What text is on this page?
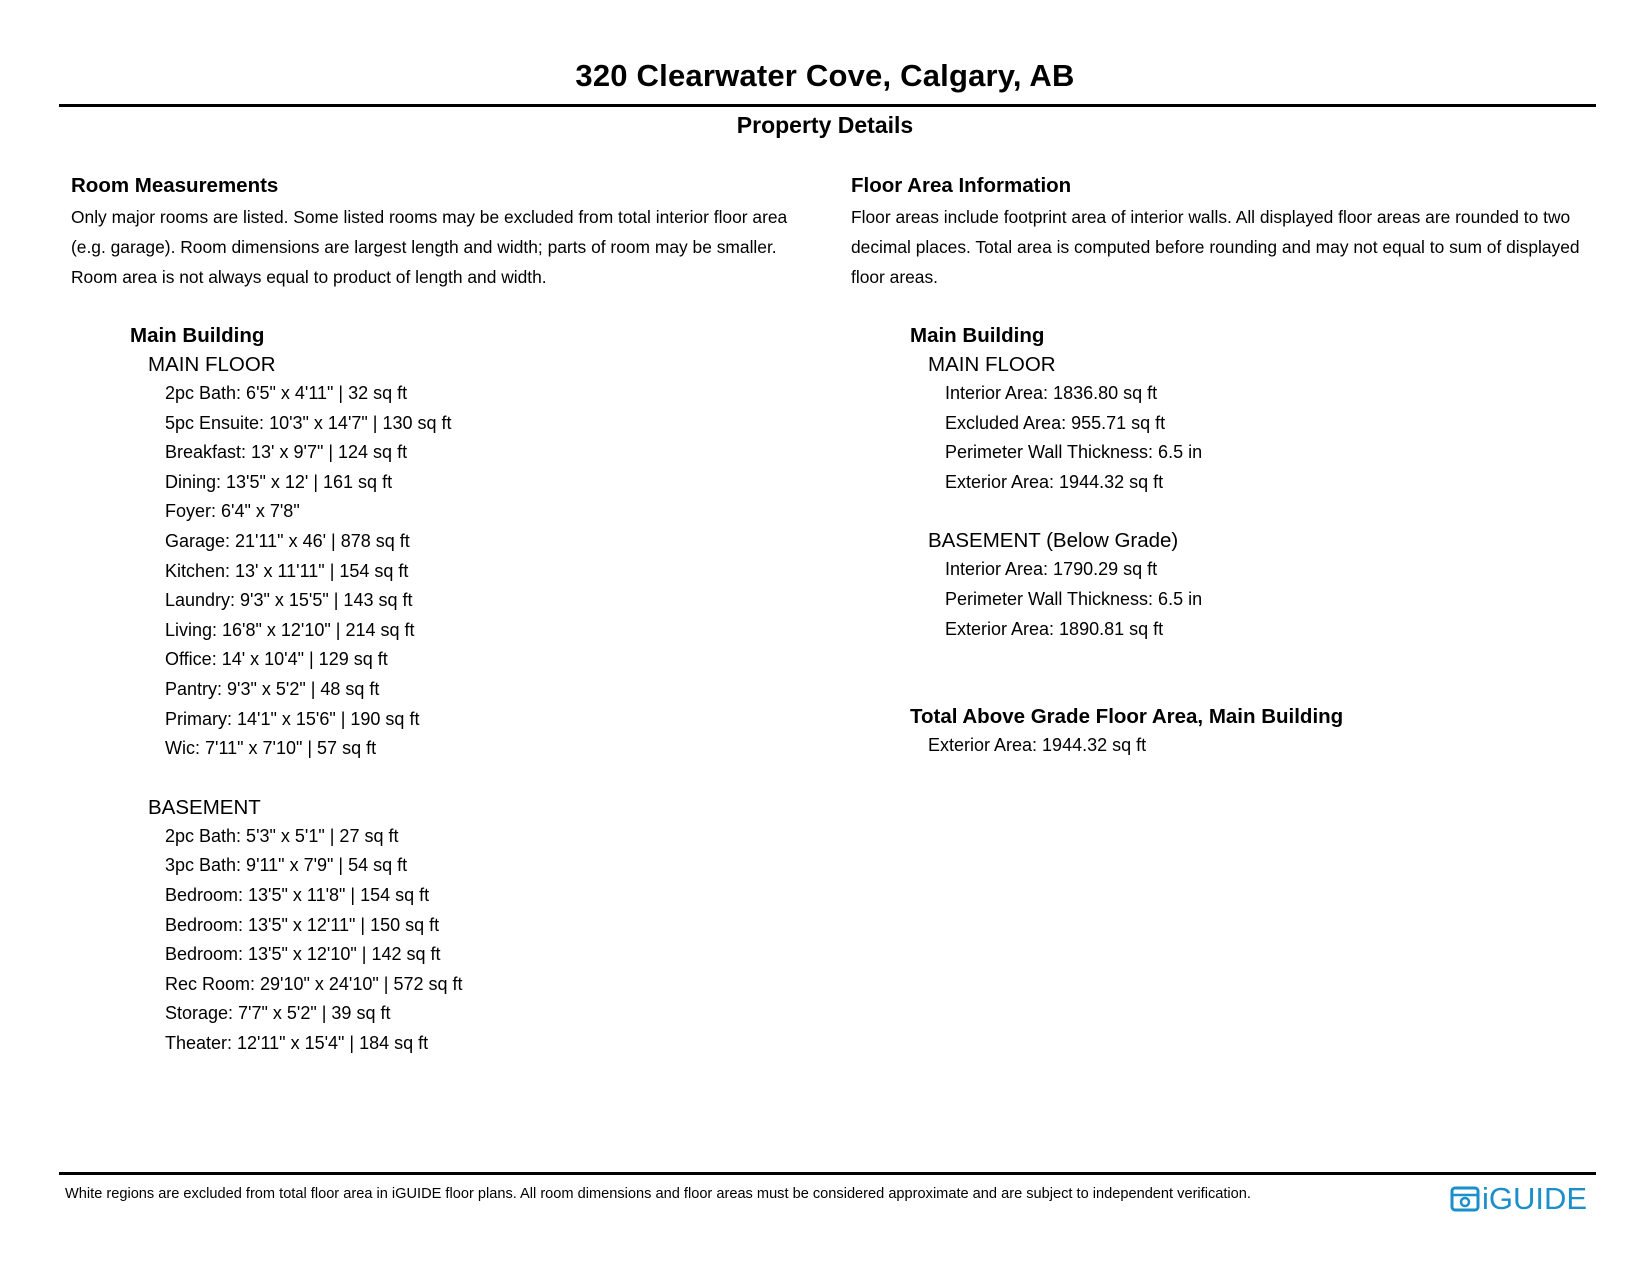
320 Clearwater Cove, Calgary, AB
Property Details

Room Measurements

Only major rooms are listed. Some listed rooms may be excluded from total interior floor area

(e.g. garage). Room dimensions are largest length and width; parts of room may be smaller.

Room area is not always equal to product of length and width.

Main Building

MAIN FLOOR

2pc Bath: 6'5" x 4'11" | 32 sq ft
5pc Ensuite: 10'3" x 14'7" | 130 sq ft
Breakfast: 13' x 9'7" | 124 sq ft
Dining: 13'5" x 12' | 161 sq ft
Foyer: 6'4" x 7'8"
Garage: 21'11" x 46' | 878 sq ft
Kitchen: 13' x 11'11" | 154 sq ft
Laundry: 9'3" x 15'5" | 143 sq ft
Living: 16'8" x 12'10" | 214 sq ft
Office: 14' x 10'4" | 129 sq ft
Pantry: 9'3" x 5'2" | 48 sq ft
Primary: 14'1" x 15'6" | 190 sq ft
Wic: 7'11" x 7'10" | 57 sq ft

BASEMENT

2pc Bath: 5'3" x 5'1" | 27 sq ft
3pc Bath: 9'11" x 7'9" | 54 sq ft
Bedroom: 13'5" x 11'8" | 154 sq ft
Bedroom: 13'5" x 12'11" | 150 sq ft
Bedroom: 13'5" x 12'10" | 142 sq ft
Rec Room: 29'10" x 24'10" | 572 sq ft
Storage: 7'7" x 5'2" | 39 sq ft
Theater: 12'11" x 15'4" | 184 sq ft

Floor Area Information

Floor areas include footprint area of interior walls. All displayed floor areas are rounded to two

decimal places. Total area is computed before rounding and may not equal to sum of displayed

floor areas.

Main Building

MAIN FLOOR

Interior Area: 1836.80 sq ft
Excluded Area: 955.71 sq ft
Perimeter Wall Thickness: 6.5 in
Exterior Area: 1944.32 sq ft

BASEMENT (Below Grade)

Interior Area: 1790.29 sq ft
Perimeter Wall Thickness: 6.5 in
Exterior Area: 1890.81 sq ft

Total Above Grade Floor Area, Main Building

Exterior Area: 1944.32 sq ft

White regions are excluded from total floor area in iGUIDE floor plans. All room dimensions and floor areas must be considered approximate and are subject to independent verification.	iGUIDE
